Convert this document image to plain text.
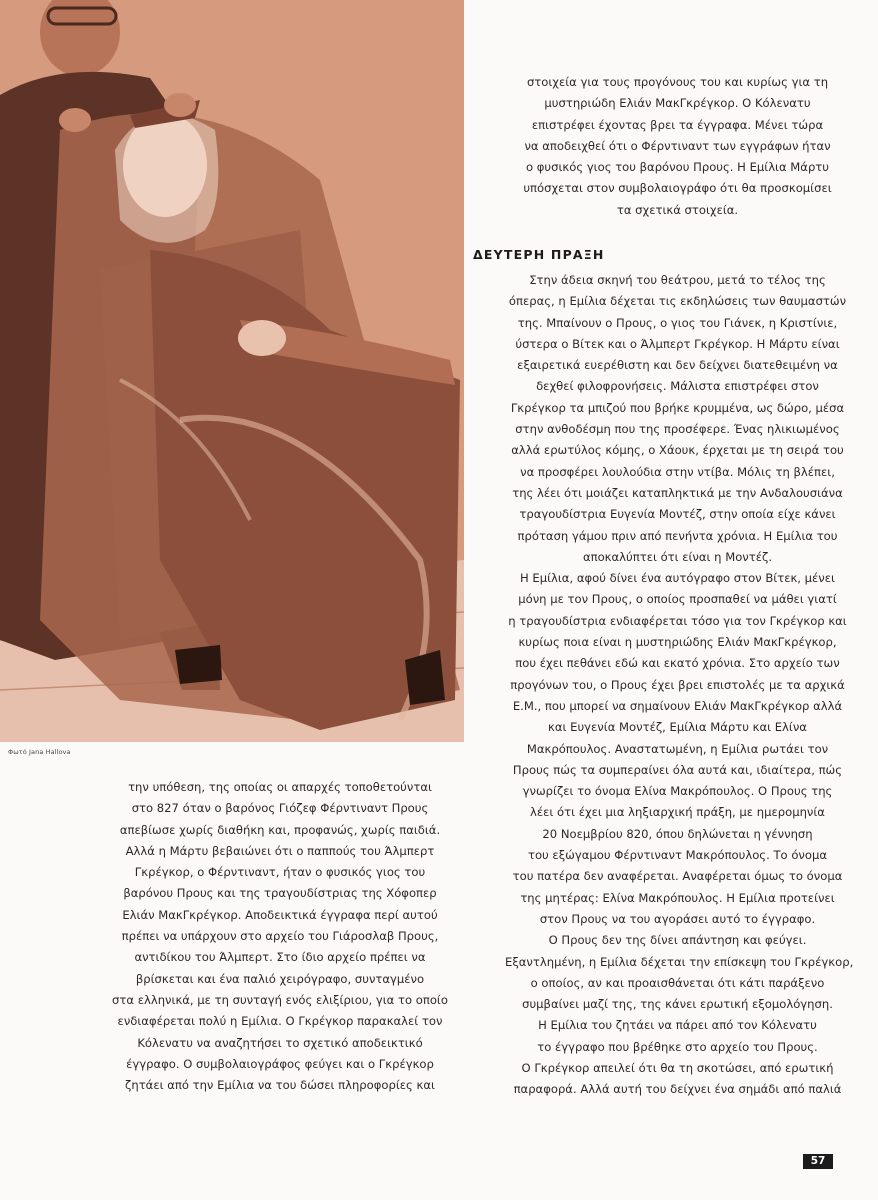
Φωτό Jana Hallova

στοιχεία για τους προγόνους του και κυρίως για τη

μυστηριώδη Ελιάν ΜακΓκρέγκορ. Ο Κόλενατυ

επιστρέφει έχοντας βρει τα έγγραφα. Μένει τώρα

να αποδειχθεί ότι ο Φέρντιναντ των εγγράφων ήταν

ο φυσικός γιος του βαρόνου Πρους. Η Εμίλια Μάρτυ

υπόσχεται στον συμβολαιογράφο ότι θα προσκομίσει

τα σχετικά στοιχεία.

ΔΕΥΤΕΡΗ ΠΡΑΞΗ

Στην άδεια σκηνή του θεάτρου, μετά το τέλος της

όπερας, η Εμίλια δέχεται τις εκδηλώσεις των θαυμαστών

της. Μπαίνουν ο Πρους, ο γιος του Γιάνεκ, η Κριστίνιε,

ύστερα ο Βίτεκ και ο Άλμπερτ Γκρέγκορ. Η Μάρτυ είναι

εξαιρετικά ευερέθιστη και δεν δείχνει διατεθειμένη να

δεχθεί φιλοφρονήσεις. Μάλιστα επιστρέφει στον

Γκρέγκορ τα μπιζού που βρήκε κρυμμένα, ως δώρο, μέσα

στην ανθοδέσμη που της προσέφερε. Ένας ηλικιωμένος

αλλά ερωτύλος κόμης, ο Χάουκ, έρχεται με τη σειρά του

να προσφέρει λουλούδια στην ντίβα. Μόλις τη βλέπει,

της λέει ότι μοιάζει καταπληκτικά με την Ανδαλουσιάνα

τραγουδίστρια Ευγενία Μοντέζ, στην οποία είχε κάνει

πρόταση γάμου πριν από πενήντα χρόνια. Η Εμίλια του

αποκαλύπτει ότι είναι η Μοντέζ.

Η Εμίλια, αφού δίνει ένα αυτόγραφο στον Βίτεκ, μένει

μόνη με τον Πρους, ο οποίος προσπαθεί να μάθει γιατί

η τραγουδίστρια ενδιαφέρεται τόσο για τον Γκρέγκορ και

κυρίως ποια είναι η μυστηριώδης Ελιάν ΜακΓκρέγκορ,

που έχει πεθάνει εδώ και εκατό χρόνια. Στο αρχείο των

προγόνων του, ο Πρους έχει βρει επιστολές με τα αρχικά

Ε.Μ., που μπορεί να σημαίνουν Ελιάν ΜακΓκρέγκορ αλλά

και Ευγενία Μοντέζ, Εμίλια Μάρτυ και Ελίνα

Μακρόπουλος. Αναστατωμένη, η Εμίλια ρωτάει τον

Πρους πώς τα συμπεραίνει όλα αυτά και, ιδιαίτερα, πώς

γνωρίζει το όνομα Ελίνα Μακρόπουλος. Ο Πρους της

λέει ότι έχει μια ληξιαρχική πράξη, με ημερομηνία

20 Νοεμβρίου 820, όπου δηλώνεται η γέννηση

του εξώγαμου Φέρντιναντ Μακρόπουλος. Το όνομα

του πατέρα δεν αναφέρεται. Αναφέρεται όμως το όνομα

της μητέρας: Ελίνα Μακρόπουλος. Η Εμίλια προτείνει

στον Πρους να του αγοράσει αυτό το έγγραφο.

Ο Πρους δεν της δίνει απάντηση και φεύγει.

Εξαντλημένη, η Εμίλια δέχεται την επίσκεψη του Γκρέγκορ,

ο οποίος, αν και προαισθάνεται ότι κάτι παράξενο

συμβαίνει μαζί της, της κάνει ερωτική εξομολόγηση.

Η Εμίλια του ζητάει να πάρει από τον Κόλενατυ

το έγγραφο που βρέθηκε στο αρχείο του Πρους.

Ο Γκρέγκορ απειλεί ότι θα τη σκοτώσει, από ερωτική

παραφορά. Αλλά αυτή του δείχνει ένα σημάδι από παλιά

την υπόθεση, της οποίας οι απαρχές τοποθετούνται

στο 827 όταν ο βαρόνος Γιόζεφ Φέρντιναντ Πρους

απεβίωσε χωρίς διαθήκη και, προφανώς, χωρίς παιδιά.

Αλλά η Μάρτυ βεβαιώνει ότι ο παππούς του Άλμπερτ

Γκρέγκορ, ο Φέρντιναντ, ήταν ο φυσικός γιος του

βαρόνου Πρους και της τραγουδίστριας της Χόφοπερ

Ελιάν ΜακΓκρέγκορ. Αποδεικτικά έγγραφα περί αυτού

πρέπει να υπάρχουν στο αρχείο του Γιάροσλαβ Πρους,

αντιδίκου του Άλμπερτ. Στο ίδιο αρχείο πρέπει να

βρίσκεται και ένα παλιό χειρόγραφο, συνταγμένο

στα ελληνικά, με τη συνταγή ενός ελιξίριου, για το οποίο

ενδιαφέρεται πολύ η Εμίλια. Ο Γκρέγκορ παρακαλεί τον

Κόλενατυ να αναζητήσει το σχετικό αποδεικτικό

έγγραφο. Ο συμβολαιογράφος φεύγει και ο Γκρέγκορ

ζητάει από την Εμίλια να του δώσει πληροφορίες και

57
